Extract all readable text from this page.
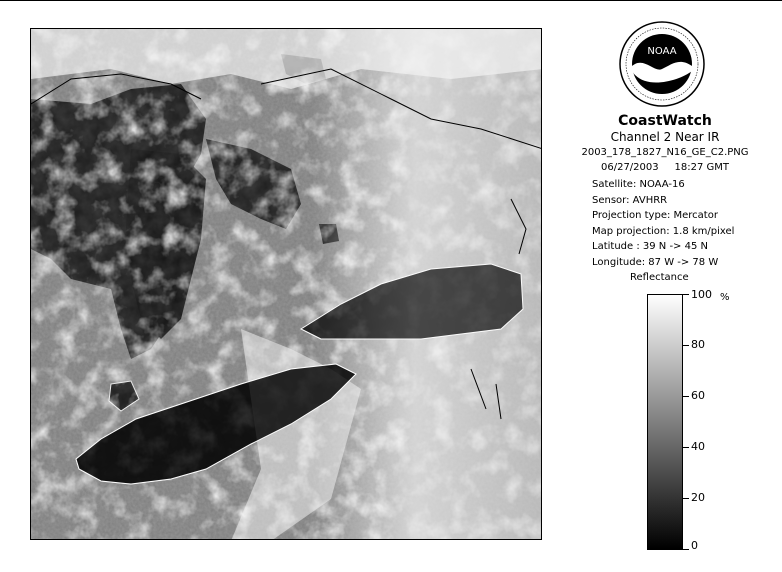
NOAA
CoastWatch
Channel 2 Near IR
2003_178_1827_N16_GE_C2.PNG
06/27/2003 18:27 GMT
Satellite: NOAA-16
Sensor: AVHRR
Projection type: Mercator
Map projection: 1.8 km/pixel
Latitude : 39 N -> 45 N
Longitude: 87 W -> 78 W
Reflectance
%
100
80
60
40
20
0
